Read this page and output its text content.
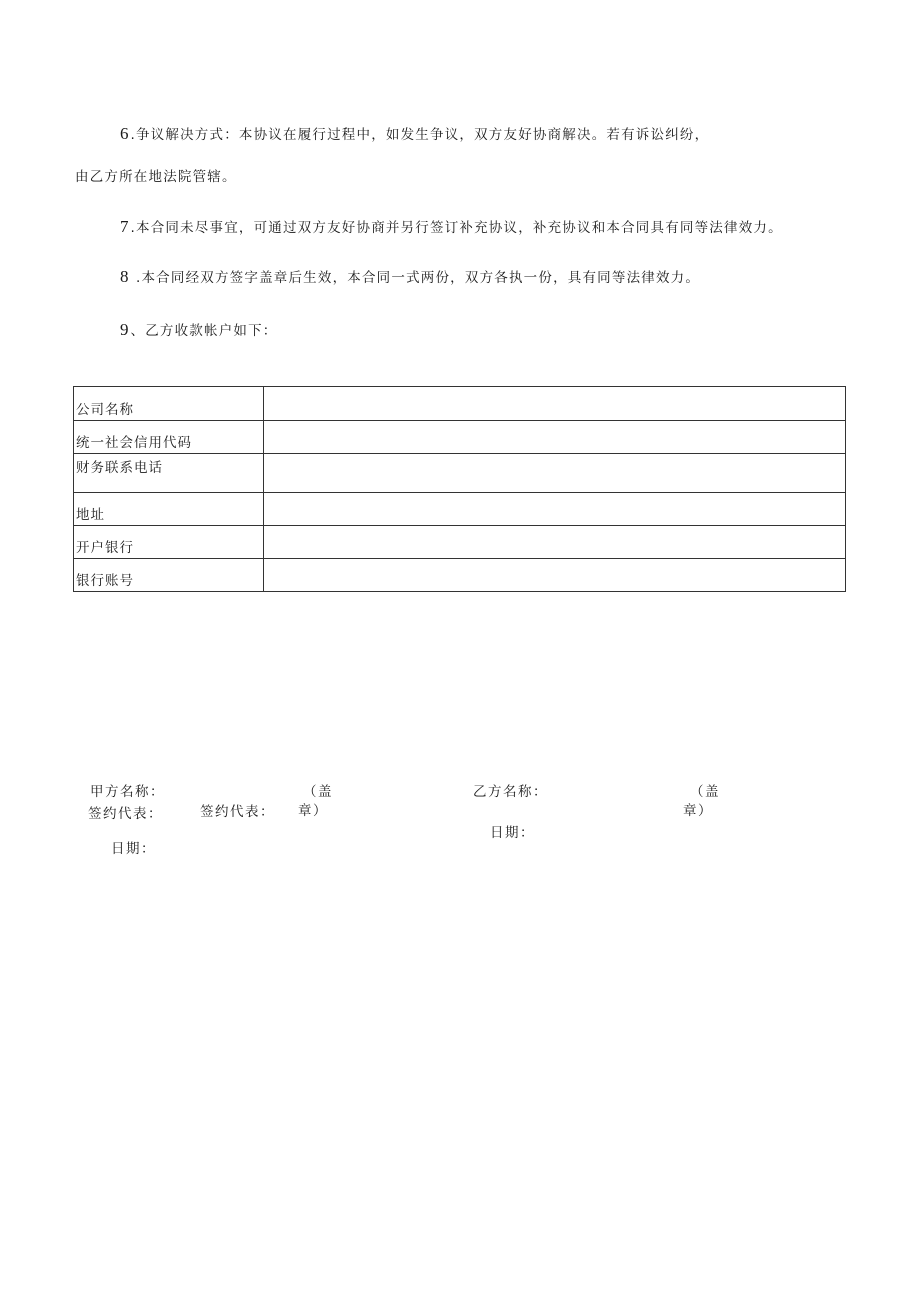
6 .争议解决方式：本协议在履行过程中，如发生争议，双方友好协商解决。若有诉讼纠纷，
由乙方所在地法院管辖。
7 .本合同未尽事宜，可通过双方友好协商并另行签订补充协议，补充协议和本合同具有同等法律效力。
8 .本合同经双方签字盖章后生效，本合同一式两份，双方各执一份，具有同等法律效力。
9 、乙方收款帐户如下：
公司名称	
统一社会信用代码	
财务联系电话	
地址	
开户银行	
银行账号	
甲方名称：	（盖
签约代表：	签约代表： 章）
日期：
乙方名称：	（盖
章）
日期：
